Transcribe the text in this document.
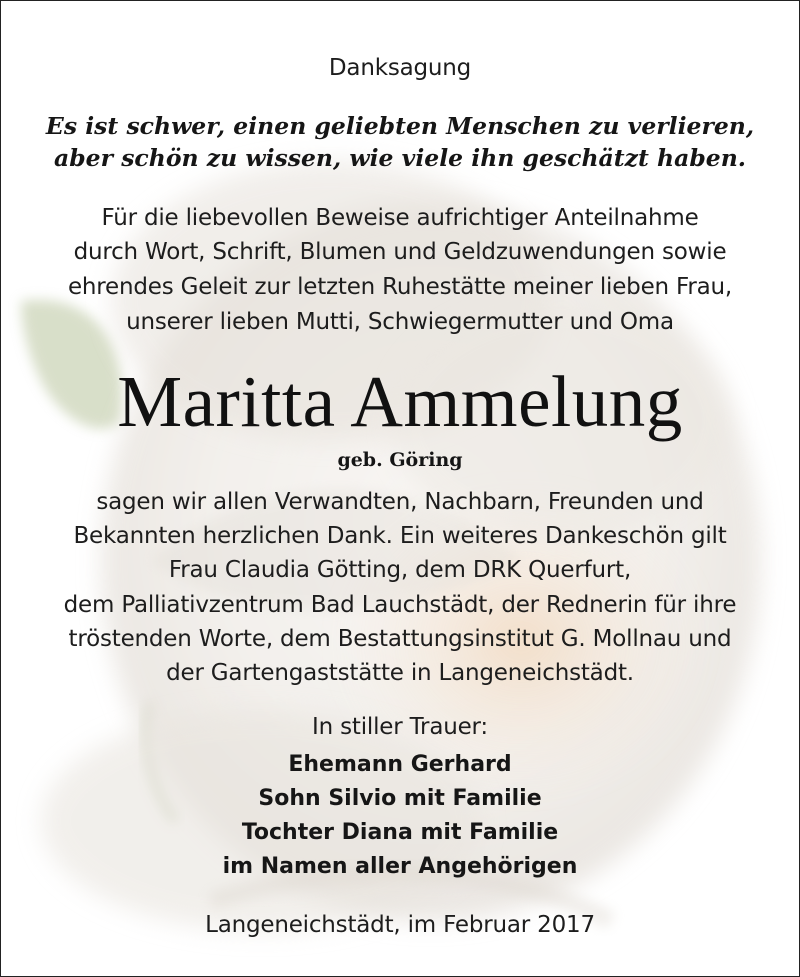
Danksagung
Es ist schwer, einen geliebten Menschen zu verlieren,
aber schön zu wissen, wie viele ihn geschätzt haben.
Für die liebevollen Beweise aufrichtiger Anteilnahme
durch Wort, Schrift, Blumen und Geldzuwendungen sowie
ehrendes Geleit zur letzten Ruhestätte meiner lieben Frau,
unserer lieben Mutti, Schwiegermutter und Oma
Maritta Ammelung
geb. Göring
sagen wir allen Verwandten, Nachbarn, Freunden und
Bekannten herzlichen Dank. Ein weiteres Dankeschön gilt
Frau Claudia Götting, dem DRK Querfurt,
dem Palliativzentrum Bad Lauchstädt, der Rednerin für ihre
tröstenden Worte, dem Bestattungsinstitut G. Mollnau und
der Gartengaststätte in Langeneichstädt.
In stiller Trauer:
Ehemann Gerhard
Sohn Silvio mit Familie
Tochter Diana mit Familie
im Namen aller Angehörigen
Langeneichstädt, im Februar 2017
